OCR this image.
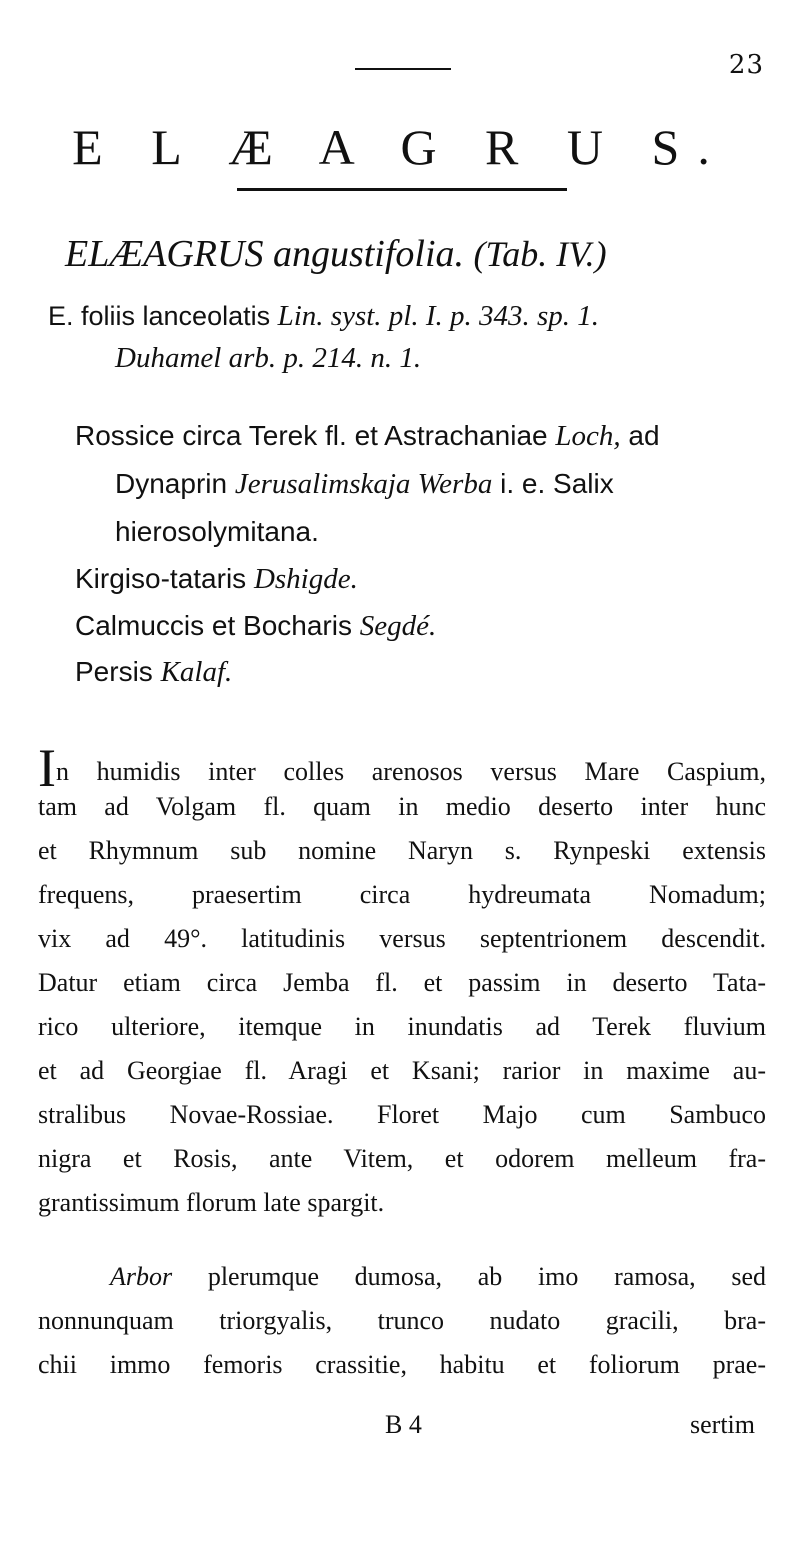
23
E L Æ A G R U S.
ELÆAGRUS angustifolia. (Tab. IV.)
E. foliis lanceolatis Lin. syst. pl. I. p. 343. sp. 1.
Duhamel arb. p. 214. n. 1.
Rossice circa Terek fl. et Astrachaniae Loch, ad
Dynaprin Jerusalimskaja Werba i. e. Salix
hierosolymitana.
Kirgiso-tataris Dshigde.
Calmuccis et Bocharis Segdé.
Persis Kalaf.
In humidis inter colles arenosos versus Mare Caspium,
tam ad Volgam fl. quam in medio deserto inter hunc
et Rhymnum sub nomine Naryn s. Rynpeski extensis
frequens, praesertim circa hydreumata Nomadum;
vix ad 49°. latitudinis versus septentrionem descendit.
Datur etiam circa Jemba fl. et passim in deserto Tata-
rico ulteriore, itemque in inundatis ad Terek fluvium
et ad Georgiae fl. Aragi et Ksani; rarior in maxime au-
stralibus Novae-Rossiae. Floret Majo cum Sambuco
nigra et Rosis, ante Vitem, et odorem melleum fra-
grantissimum florum late spargit.
Arbor plerumque dumosa, ab imo ramosa, sed
nonnunquam triorgyalis, trunco nudato gracili, bra-
chii immo femoris crassitie, habitu et foliorum prae-
B 4	sertim
